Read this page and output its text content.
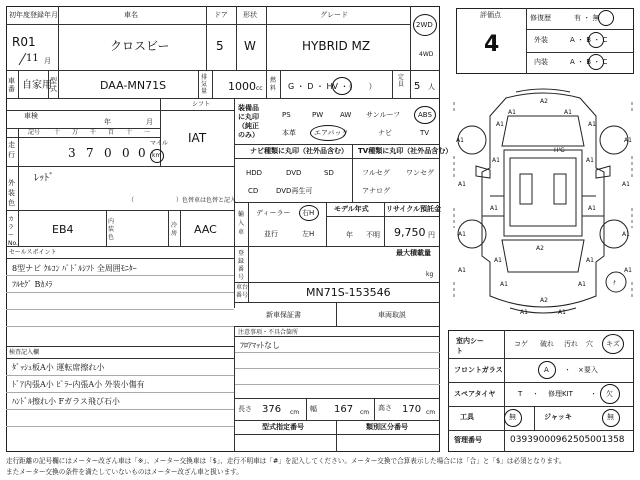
初年度登録年月
R01
11 月
車名
クロスビー
ドア
5
形状
W
グレード
HYBRID MZ
2WD
4WD
車番 自家用
型式	DAA-MN71S
排気量 1000 cc
燃料 G ・ D ・ HV ・（　　）
定員 5 人
車検
年	月
シフト
IAT
記号 十 万 千 百 十 一
走行	3 7 0 0 0
マイル
km
外装色
ﾚｯﾄﾞ
（　　　　　　　）色替車は色替と記入
カラーNo.
EB4
内装色
冷房 AAC
装備品に丸印（純正のみ）
PS	PW AW サンルーフ	ABS
本革	エアバック	ナビ	TV
ナビ種類に丸印（社外品含む）
HDD	DVD	SD
CD	DVD再生可
TV種類に丸印（社外品含む）
フルセグ ワンセグ
アナログ
輸入車
ディーラー 右H
並行	左H
モデル年式
年 不明
リサイクル預託金
9,750 円
最大積載量
kg
登録番号
車台番号	MN71S-153546
新車保証書	車両取説
セールスポイント
8型ナビ ｸﾙｺﾝ ﾊﾟﾄﾞﾙｼﾌﾄ 全周囲ﾓﾆﾀｰ
ﾌﾙｾｸﾞ Bｶﾒﾗ
注意事項・不具合箇所
ﾌﾛｱﾏｯﾄなし
検査記入欄
ﾀﾞｯｼｭ板A小 運転席擦れ小
ﾄﾞｱ内張A小 ﾋﾟﾗｰ内張A小 外装小傷有
ﾊﾝﾄﾞﾙ擦れ小 Fガラス飛び石小
長さ 376 cm 幅 167 cm
高さ 170 cm
型式指定番号	類別区分番号
評価点
4
修復歴	有 ・ 無
外装	A ・ B ・ C
内装	A ・ B ・ C
A2
A1	A1
A1	A1
A1	A1
A1	A1
H'G
A1	A1
A1	A1
A1	A1
A2
A1	A1
A1	A1
A2
A1	A1
A1	A1
ﾅ
室内シート
コゲ 破れ 汚れ 穴 キズ
フロントガラス	A ・ ×要入
スペアタイヤ	T ・ 修理KIT ・ 欠
工具	無	ジャッキ	無
管理番号	03939000962505001358
走行距離の記号欄にはメーター改ざん車は「※」、メーター交換車は「$」、走行不明車は「#」を記入してください。メーター交換で合算表示した場合には「合」と「$」は必須となります。
またメーター交換の条件を満たしていないものはメーター改ざん車と扱います。
